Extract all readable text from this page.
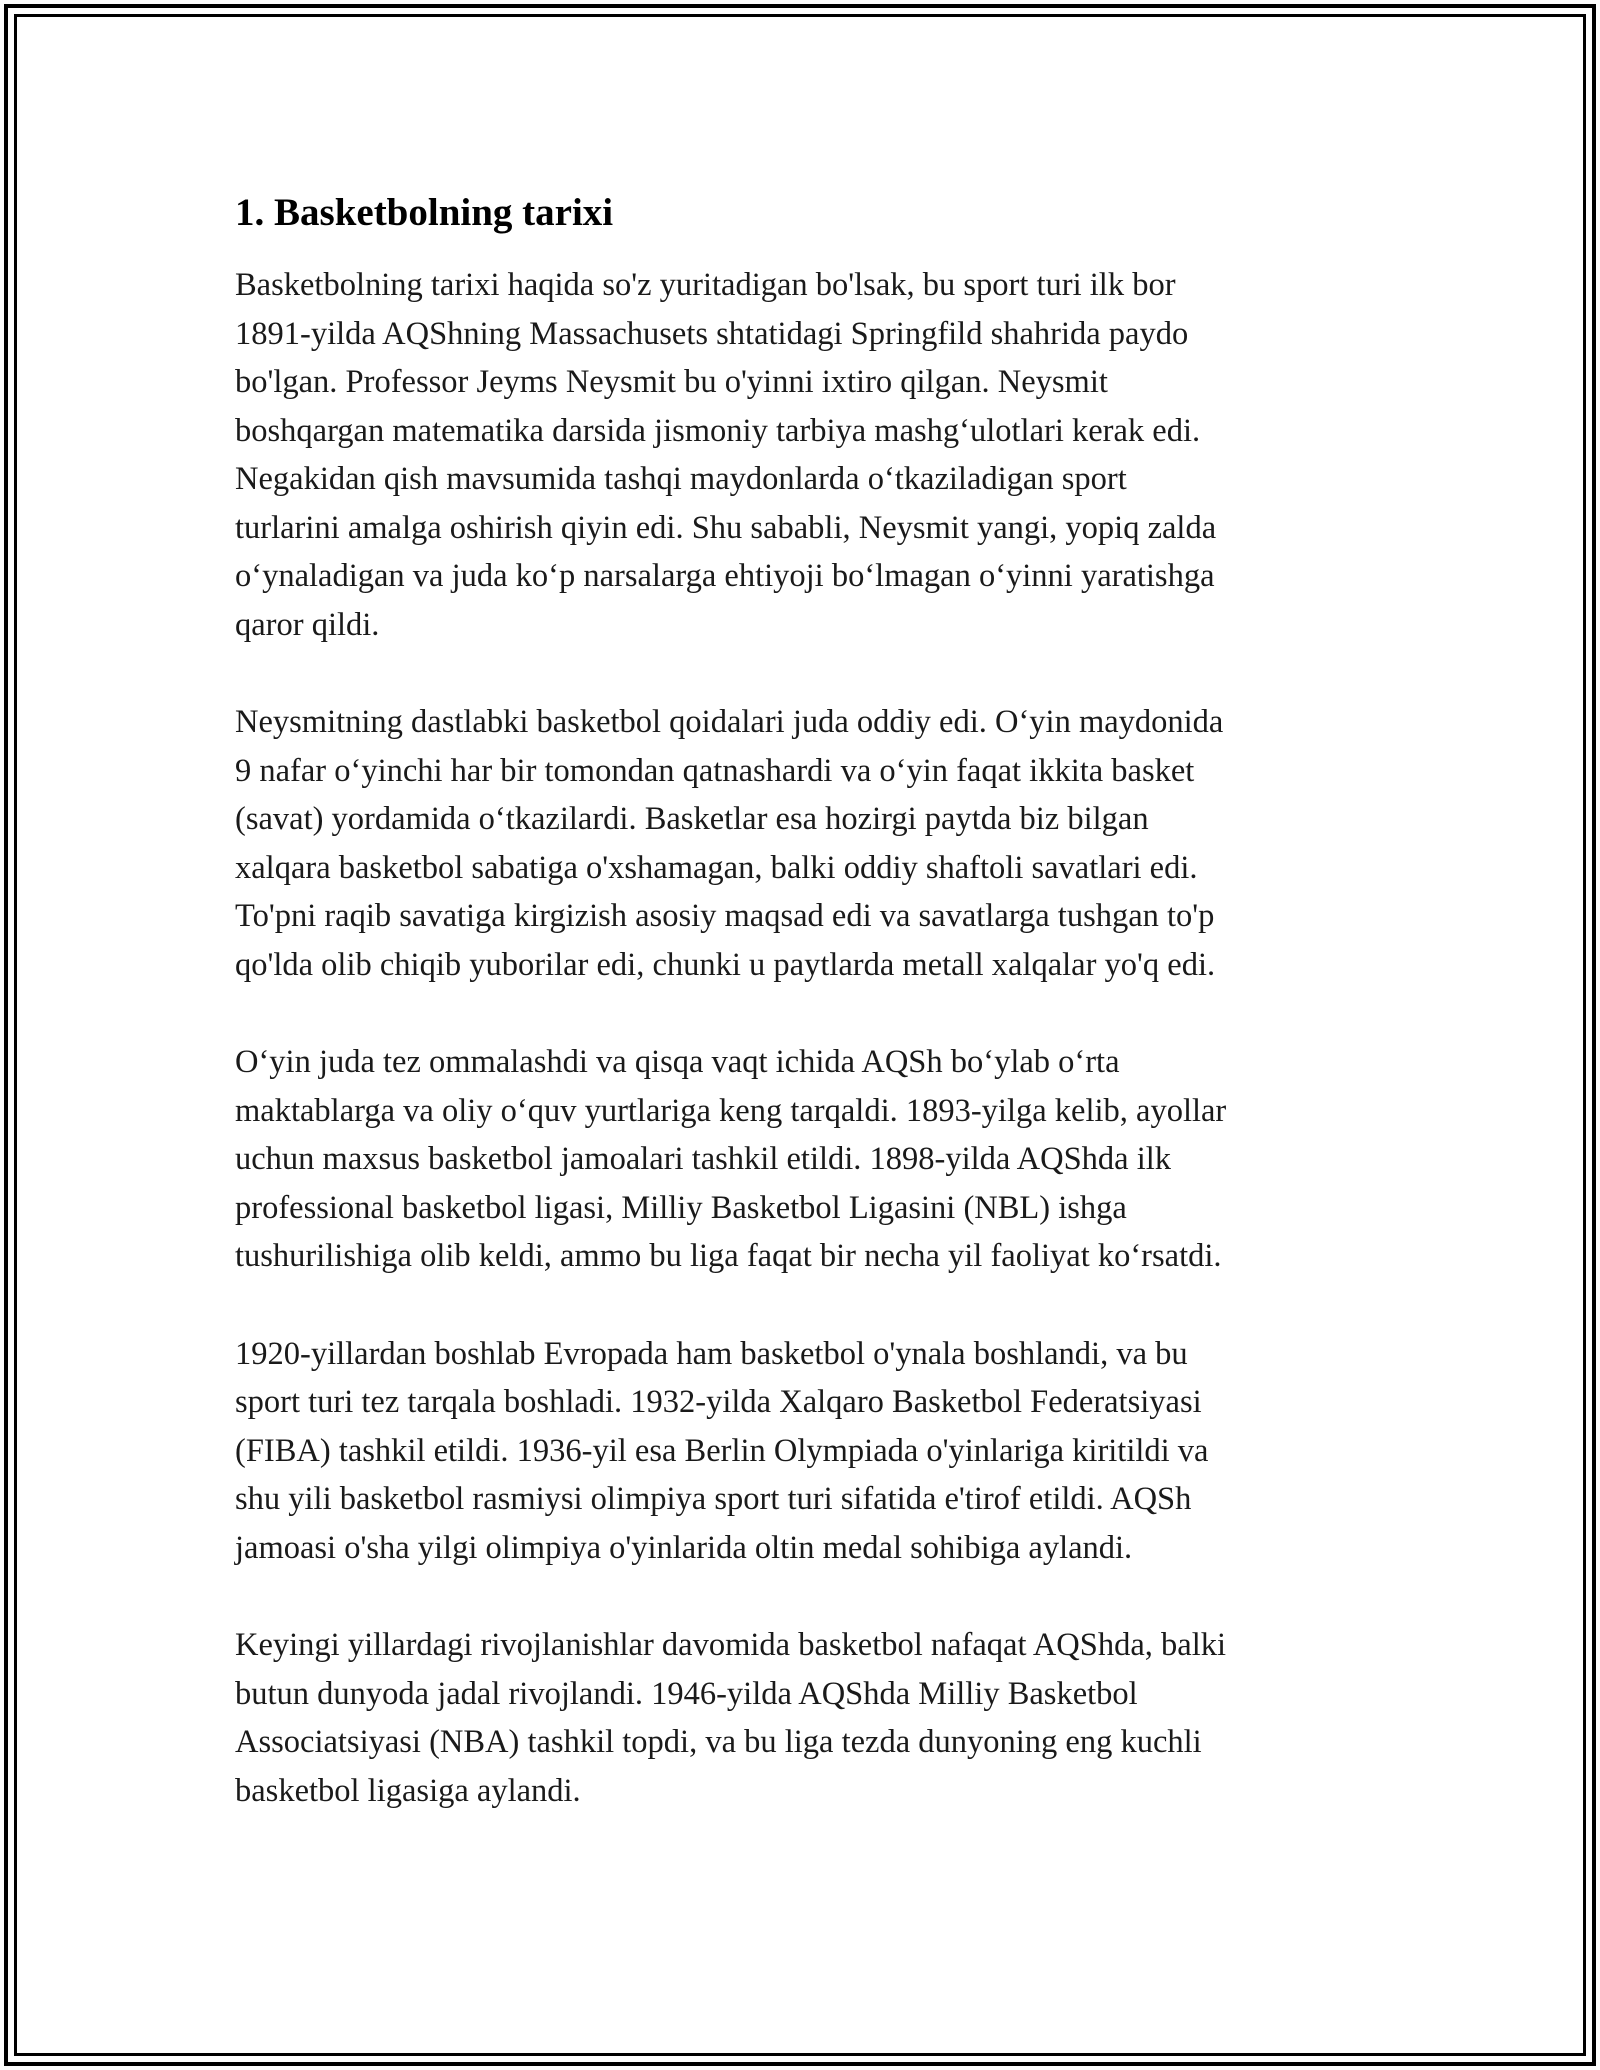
1. Basketbolning tarixi

Basketbolning tarixi haqida so'z yuritadigan bo'lsak, bu sport turi ilk bor
1891-yilda AQShning Massachusets shtatidagi Springfild shahrida paydo
bo'lgan. Professor Jeyms Neysmit bu o'yinni ixtiro qilgan. Neysmit
boshqargan matematika darsida jismoniy tarbiya mashg‘ulotlari kerak edi.
Negakidan qish mavsumida tashqi maydonlarda o‘tkaziladigan sport
turlarini amalga oshirish qiyin edi. Shu sababli, Neysmit yangi, yopiq zalda
o‘ynaladigan va juda ko‘p narsalarga ehtiyoji bo‘lmagan o‘yinni yaratishga
qaror qildi.

Neysmitning dastlabki basketbol qoidalari juda oddiy edi. O‘yin maydonida
9 nafar o‘yinchi har bir tomondan qatnashardi va o‘yin faqat ikkita basket
(savat) yordamida o‘tkazilardi. Basketlar esa hozirgi paytda biz bilgan
xalqara basketbol sabatiga o'xshamagan, balki oddiy shaftoli savatlari edi.
To'pni raqib savatiga kirgizish asosiy maqsad edi va savatlarga tushgan to'p
qo'lda olib chiqib yuborilar edi, chunki u paytlarda metall xalqalar yo'q edi.

O‘yin juda tez ommalashdi va qisqa vaqt ichida AQSh bo‘ylab o‘rta
maktablarga va oliy o‘quv yurtlariga keng tarqaldi. 1893-yilga kelib, ayollar
uchun maxsus basketbol jamoalari tashkil etildi. 1898-yilda AQShda ilk
professional basketbol ligasi, Milliy Basketbol Ligasini (NBL) ishga
tushurilishiga olib keldi, ammo bu liga faqat bir necha yil faoliyat ko‘rsatdi.

1920-yillardan boshlab Evropada ham basketbol o'ynala boshlandi, va bu
sport turi tez tarqala boshladi. 1932-yilda Xalqaro Basketbol Federatsiyasi
(FIBA) tashkil etildi. 1936-yil esa Berlin Olympiada o'yinlariga kiritildi va
shu yili basketbol rasmiysi olimpiya sport turi sifatida e'tirof etildi. AQSh
jamoasi o'sha yilgi olimpiya o'yinlarida oltin medal sohibiga aylandi.

Keyingi yillardagi rivojlanishlar davomida basketbol nafaqat AQShda, balki
butun dunyoda jadal rivojlandi. 1946-yilda AQShda Milliy Basketbol
Associatsiyasi (NBA) tashkil topdi, va bu liga tezda dunyoning eng kuchli
basketbol ligasiga aylandi.
